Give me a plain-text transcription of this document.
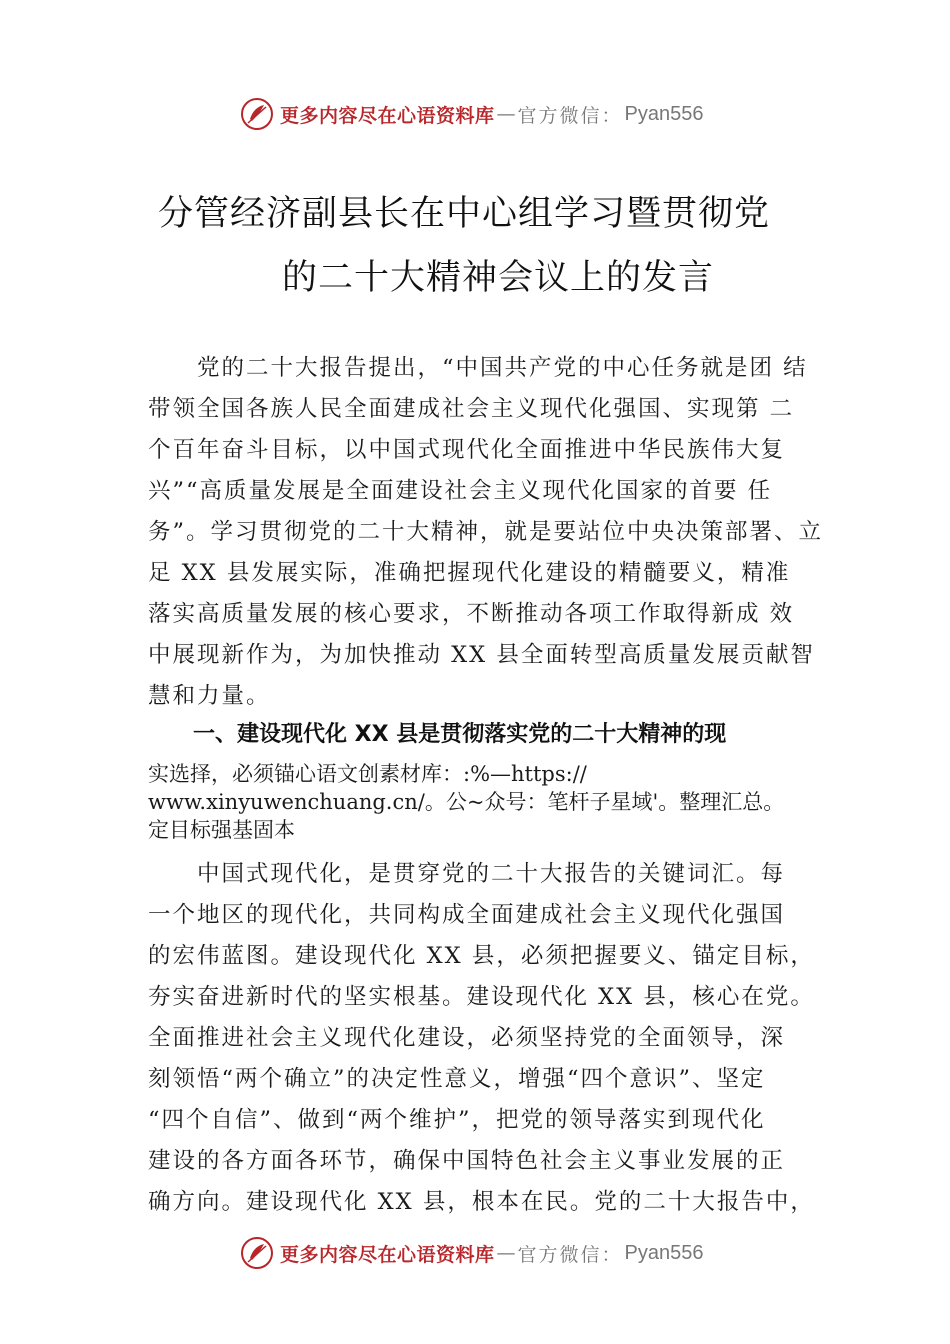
更多内容尽在心语资料库 — 官方微信： Pyan556
分管经济副县长在中心组学习暨贯彻党
的二十大精神会议上的发言
　　党的二十大报告提出，“中国共产党的中心任务就是团 结
带领全国各族人民全面建成社会主义现代化强国、实现第 二
个百年奋斗目标，以中国式现代化全面推进中华民族伟大复
兴”“高质量发展是全面建设社会主义现代化国家的首要 任
务”。学习贯彻党的二十大精神，就是要站位中央决策部署、立
足 XX 县发展实际，准确把握现代化建设的精髓要义，精准
落实高质量发展的核心要求，不断推动各项工作取得新成 效
中展现新作为，为加快推动 XX 县全面转型高质量发展贡献智
慧和力量。
一、建设现代化 XX 县是贯彻落实党的二十大精神的现
实选择，必须锚心语文创素材库：:%—https://
www.xinyuwenchuang.cn/。公~众号：笔杆子星域'。整理汇总。
定目标强基固本
　　中国式现代化，是贯穿党的二十大报告的关键词汇。每
一个地区的现代化，共同构成全面建成社会主义现代化强国
的宏伟蓝图。建设现代化 XX 县，必须把握要义、锚定目标，
夯实奋进新时代的坚实根基。建设现代化 XX 县，核心在党。
全面推进社会主义现代化建设，必须坚持党的全面领导，深
刻领悟“两个确立”的决定性意义，增强“四个意识”、坚定
“四个自信”、做到“两个维护”，把党的领导落实到现代化
建设的各方面各环节，确保中国特色社会主义事业发展的正
确方向。建设现代化 XX 县，根本在民。党的二十大报告中，
更多内容尽在心语资料库 — 官方微信： Pyan556
